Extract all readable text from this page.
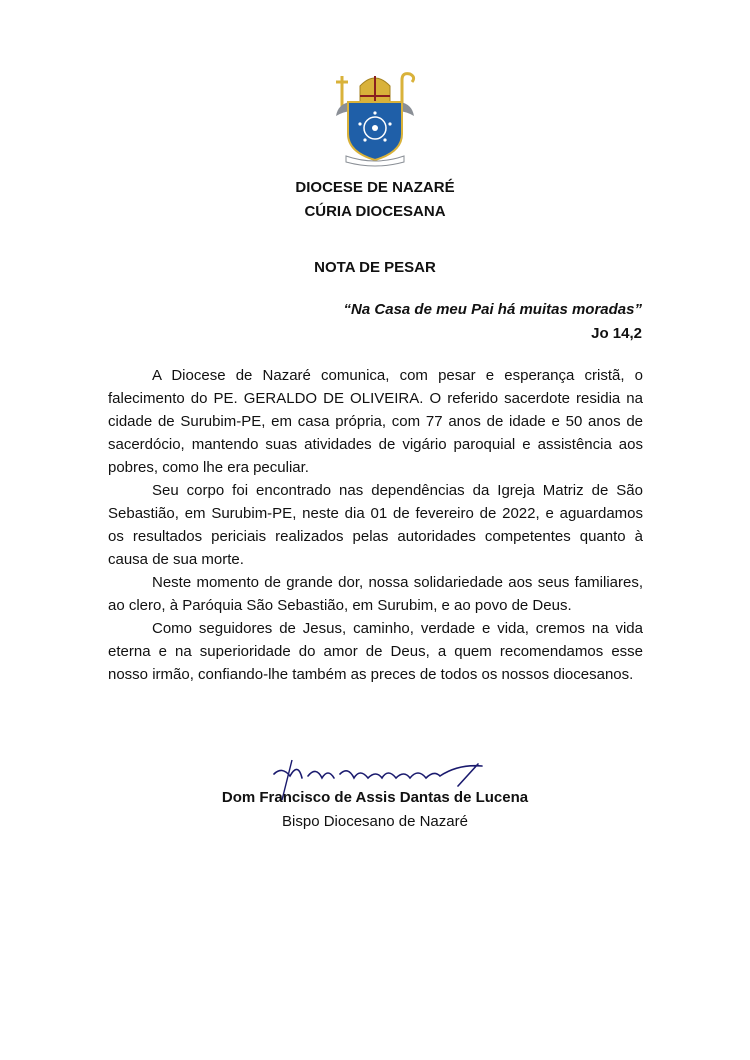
DIOCESE DE NAZARÉ
CÚRIA DIOCESANA
NOTA DE PESAR
“Na Casa de meu Pai há muitas moradas”
Jo 14,2

A Diocese de Nazaré comunica, com pesar e esperança cristã, o falecimento do PE. GERALDO DE OLIVEIRA. O referido sacerdote residia na cidade de Surubim-PE, em casa própria, com 77 anos de idade e 50 anos de sacerdócio, mantendo suas atividades de vigário paroquial e assistência aos pobres, como lhe era peculiar.

Seu corpo foi encontrado nas dependências da Igreja Matriz de São Sebastião, em Surubim-PE, neste dia 01 de fevereiro de 2022, e aguardamos os resultados periciais realizados pelas autoridades competentes quanto à causa de sua morte.

Neste momento de grande dor, nossa solidariedade aos seus familiares, ao clero, à Paróquia São Sebastião, em Surubim, e ao povo de Deus.

Como seguidores de Jesus, caminho, verdade e vida, cremos na vida eterna e na superioridade do amor de Deus, a quem recomendamos esse nosso irmão, confiando-lhe também as preces de todos os nossos diocesanos.

Dom Francisco de Assis Dantas de Lucena
Bispo Diocesano de Nazaré
